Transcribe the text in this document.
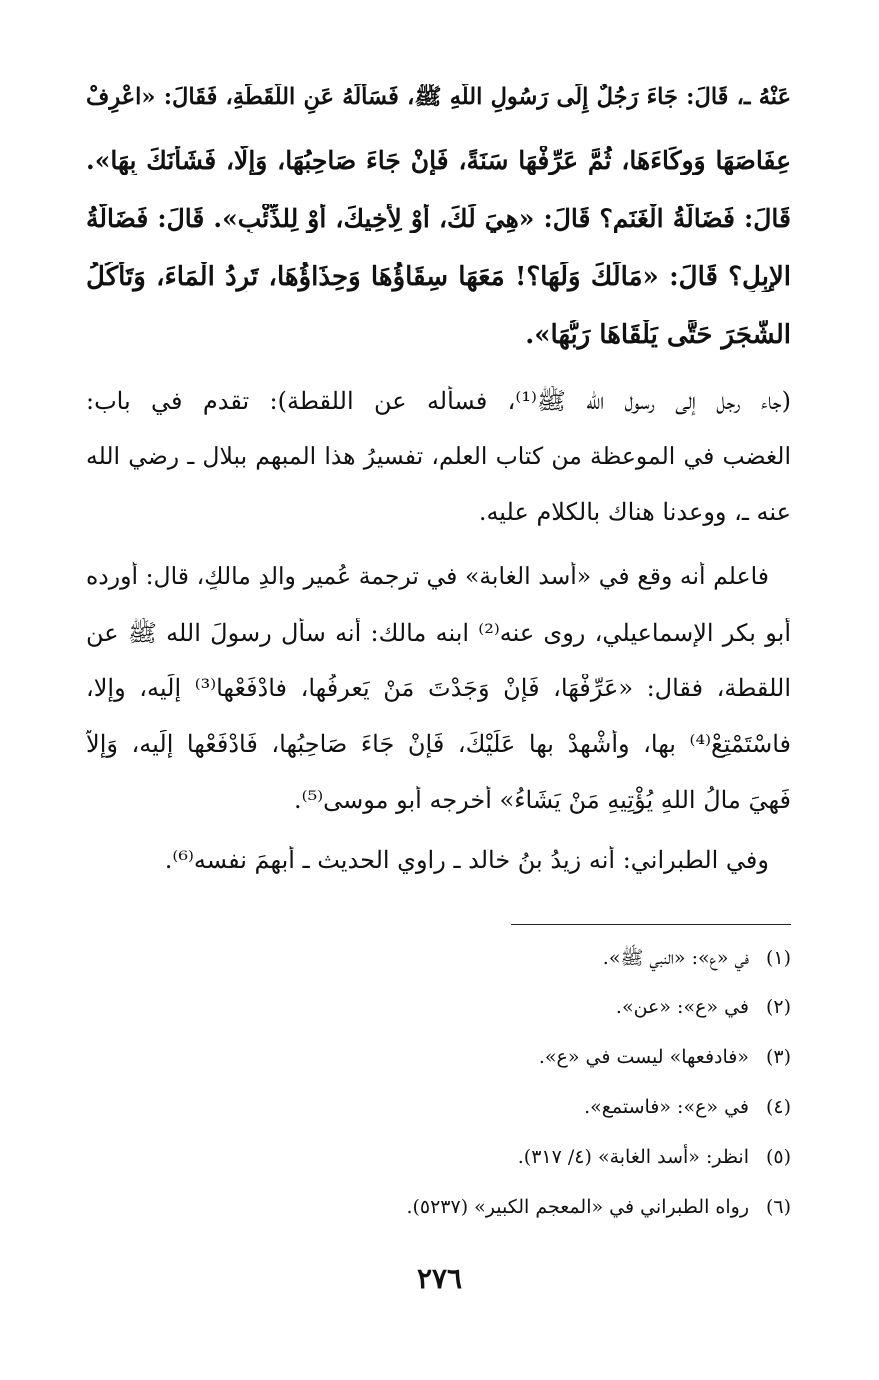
عَنْهُ ـ، قَالَ: جَاءَ رَجُلٌ إِلَى رَسُولِ اللَّهِ ﷺ، فَسَأَلَهُ عَنِ اللُّقَطَةِ، فَقَالَ: «اعْرِفْ
عِفَاصَهَا وَوِكَاءَهَا، ثُمَّ عَرِّفْهَا سَنَةً، فَإِنْ جَاءَ صَاحِبُهَا، وَإِلَّا، فَشَأْنَكَ بِهَا».
قَالَ: فَضَالَّةُ الْغَنَمِ؟ قَالَ: «هِيَ لَكَ، أَوْ لِأَخِيكَ، أَوْ لِلذِّئْبِ». قَالَ: فَضَالَّةُ
الإِبِلِ؟ قَالَ: «مَالَكَ وَلَهَا؟! مَعَهَا سِقَاؤُهَا وَحِذَاؤُهَا، تَرِدُ الْمَاءَ، وَتَأْكُلُ
الشَّجَرَ حَتَّى يَلْقَاهَا رَبُّهَا».
(جاء رجل إلى رسول الله ﷺ⁽¹⁾، فسأله عن اللقطة): تقدم في باب:
الغضب في الموعظة من كتاب العلم، تفسيرُ هذا المبهم ببلال ـ رضي الله
عنه ـ، ووعدنا هناك بالكلام عليه.
فاعلم أنه وقع في «أسد الغابة» في ترجمة عُمير والدِ مالكٍ، قال: أورده
أبو بكر الإسماعيلي، روى عنه⁽²⁾ ابنه مالك: أنه سأل رسولَ الله ﷺ عن
اللقطة، فقال: «عَرِّفْهَا، فَإِنْ وَجَدْتَ مَنْ يَعرفُها، فادْفَعْها⁽³⁾ إلَيه، وإلا،
فاسْتَمْتِعْ⁽⁴⁾ بها، وأَشْهِدْ بها عَلَيْكَ، فَإِنْ جَاءَ صَاحِبُها، فَادْفَعْها إِلَيه، وَإِلاَّ
فَهِيَ مالُ اللهِ يُؤْتِيهِ مَنْ يَشَاءُ» أخرجه أبو موسى⁽⁵⁾.
وفي الطبراني: أنه زيدُ بنُ خالد ـ راوي الحديث ـ أبهمَ نفسه⁽⁶⁾.
(١)في «ع»: «النبي ﷺ».
(٢)في «ع»: «عن».
(٣)«فادفعها» ليست في «ع».
(٤)في «ع»: «فاستمع».
(٥)انظر: «أسد الغابة» (٤/ ٣١٧).
(٦)رواه الطبراني في «المعجم الكبير» (٥٢٣٧).
٢٧٦
